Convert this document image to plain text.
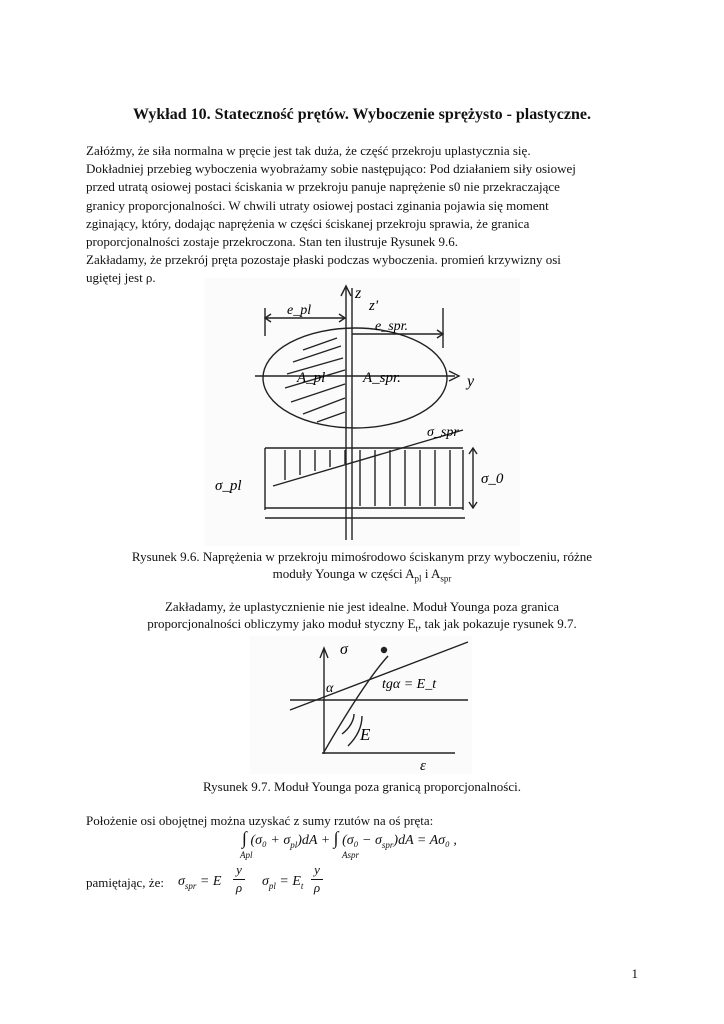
Wykład 10. Stateczność prętów. Wyboczenie sprężysto - plastyczne.
Załóżmy, że siła normalna w pręcie jest tak duża, że część przekroju uplastycznia się.
Dokładniej przebieg wyboczenia wyobrażamy sobie następująco: Pod działaniem siły osiowej
przed utratą osiowej postaci ściskania w przekroju panuje naprężenie s0 nie przekraczające
granicy proporcjonalności. W chwili utraty osiowej postaci zginania pojawia się moment
zginający, który, dodając naprężenia w części ściskanej przekroju sprawia, że granica
proporcjonalności zostaje przekroczona. Stan ten ilustruje Rysunek 9.6.
Zakładamy, że przekrój pręta pozostaje płaski podczas wyboczenia. promień krzywizny osi
ugiętej jest ρ.
z
z'
e_pl
e_spr.
A_pl	A_spr.	y
σ_spr
σ_pl	σ_0
Rysunek 9.6. Naprężenia w przekroju mimośrodowo ściskanym przy wyboczeniu, różne
moduły Younga w części $A_{pl}$ i $A_{spr}$
Zakładamy, że uplastycznienie nie jest idealne. Moduł Younga poza granica
proporcjonalności obliczymy jako moduł styczny $E_t$, tak jak pokazuje rysunek 9.7.
σ
α	tgα = E_t
E
ε
Rysunek 9.7. Moduł Younga poza granicą proporcjonalności.
Położenie osi obojętnej można uzyskać z sumy rzutów na oś pręta:
∫ $(\sigma_0 + \sigma_{pl})dA$ + ∫ $(\sigma_0 - \sigma_{spr})dA = A\sigma_0$ ,
Apl	Aspr
pamiętając, że:	$\sigma_{spr} = E$
y
ρ $\sigma_{pl} = E_t$
y
ρ
1
